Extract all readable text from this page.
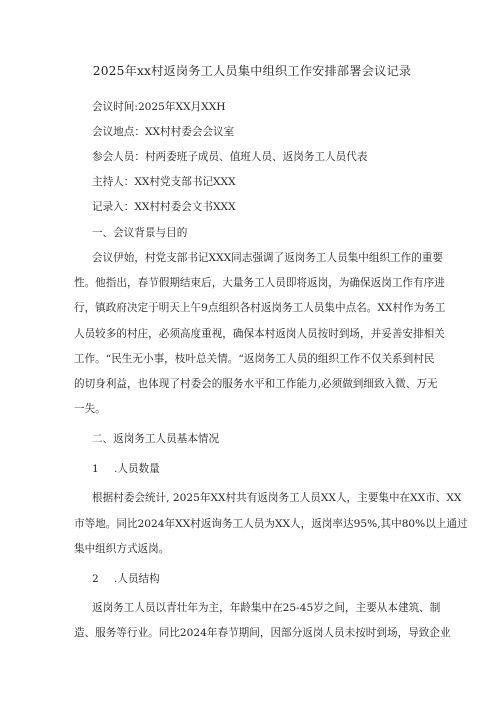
2025年xx村返岗务工人员集中组织工作安排部署会议记录
会议时间:2025年XX月XXH
会议地点：XX村村委会会议室
参会人员：村两委班子成员、值班人员、返岗务工人员代表
主持人：XX村党支部书记XXX
记录入：XX村村委会文书XXX
一、会议背景与目的
会议伊始，村党支部书记XXX同志强调了返岗务工人员集中组织工作的重要
性。他指出，春节假期结束后，大量务工人员即将返岗，为确保返岗工作有序进
行，镇政府决定于明天上午9点组织各村返岗务工人员集中点名。XX村作为务工
人员较多的村庄，必须高度重视，确保本村返岗人员按时到场，并妥善安排相关
工作。“民生无小事，枝叶总关情。“返岗务工人员的组织工作不仅关系到村民
的切身利益，也体现了村委会的服务水平和工作能力,必须做到细致入微、万无
一失。
二、返岗务工人员基本情况
1 .人员数量
根据村委会统计, 2025年XX村共有返岗务工人员XX人，主要集中在XX市、XX
市等地。同比2024年XX村返询务工人员为XX人，返岗率达95%,其中80%以上通过
集中组织方式返岗。
2 .人员结构
返岗务工人员以青壮年为主，年龄集中在25-45岁之间，主要从本建筑、制
造、服务等行业。同比2024年春节期间，因部分返岗人员未按时到场，导致企业
